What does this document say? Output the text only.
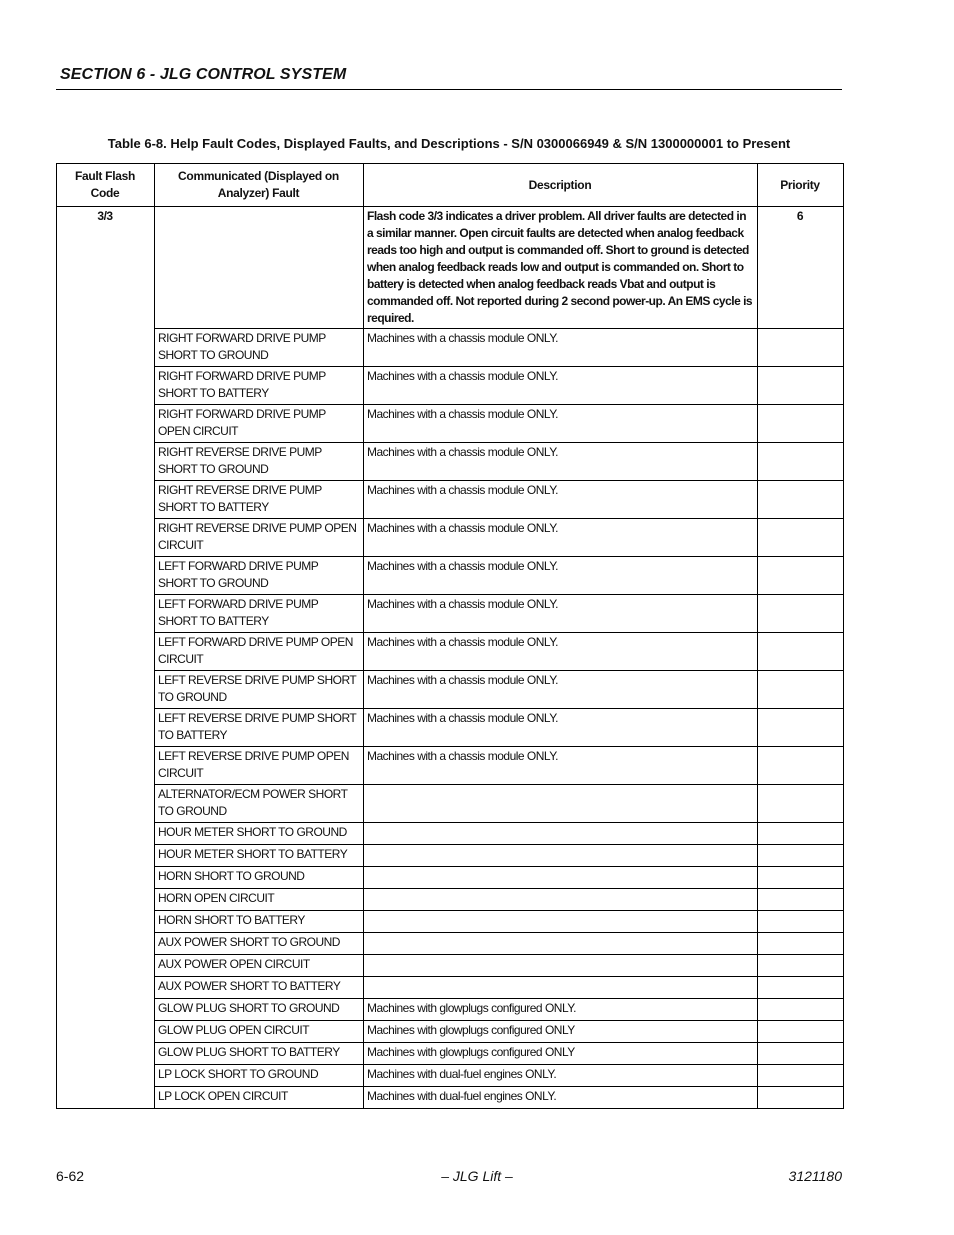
SECTION 6 - JLG CONTROL SYSTEM
Table 6-8. Help Fault Codes, Displayed Faults, and Descriptions - S/N 0300066949 & S/N 1300000001 to Present
Fault Flash Code	Communicated (Displayed on Analyzer) Fault	Description	Priority
3/3		Flash code 3/3 indicates a driver problem. All driver faults are detected in a similar manner. Open circuit faults are detected when analog feedback reads too high and output is commanded off. Short to ground is detected when analog feedback reads low and output is commanded on. Short to battery is detected when analog feedback reads Vbat and output is commanded off. Not reported during 2 second power-up. An EMS cycle is required.	6
	RIGHT FORWARD DRIVE PUMP SHORT TO GROUND	Machines with a chassis module ONLY.	
	RIGHT FORWARD DRIVE PUMP SHORT TO BATTERY	Machines with a chassis module ONLY.	
	RIGHT FORWARD DRIVE PUMP OPEN CIRCUIT	Machines with a chassis module ONLY.	
	RIGHT REVERSE DRIVE PUMP SHORT TO GROUND	Machines with a chassis module ONLY.	
	RIGHT REVERSE DRIVE PUMP SHORT TO BATTERY	Machines with a chassis module ONLY.	
	RIGHT REVERSE DRIVE PUMP OPEN CIRCUIT	Machines with a chassis module ONLY.	
	LEFT FORWARD DRIVE PUMP SHORT TO GROUND	Machines with a chassis module ONLY.	
	LEFT FORWARD DRIVE PUMP SHORT TO BATTERY	Machines with a chassis module ONLY.	
	LEFT FORWARD DRIVE PUMP OPEN CIRCUIT	Machines with a chassis module ONLY.	
	LEFT REVERSE DRIVE PUMP SHORT TO GROUND	Machines with a chassis module ONLY.	
	LEFT REVERSE DRIVE PUMP SHORT TO BATTERY	Machines with a chassis module ONLY.	
	LEFT REVERSE DRIVE PUMP OPEN CIRCUIT	Machines with a chassis module ONLY.	
	ALTERNATOR/ECM POWER SHORT TO GROUND		
	HOUR METER SHORT TO GROUND		
	HOUR METER SHORT TO BATTERY		
	HORN SHORT TO GROUND		
	HORN OPEN CIRCUIT		
	HORN SHORT TO BATTERY		
	AUX POWER SHORT TO GROUND		
	AUX POWER OPEN CIRCUIT		
	AUX POWER SHORT TO BATTERY		
	GLOW PLUG SHORT TO GROUND	Machines with glowplugs configured ONLY.	
	GLOW PLUG OPEN CIRCUIT	Machines with glowplugs configured ONLY	
	GLOW PLUG SHORT TO BATTERY	Machines with glowplugs configured ONLY	
	LP LOCK SHORT TO GROUND	Machines with dual-fuel engines ONLY.	
	LP LOCK OPEN CIRCUIT	Machines with dual-fuel engines ONLY.	
6-62	– JLG Lift –	3121180
